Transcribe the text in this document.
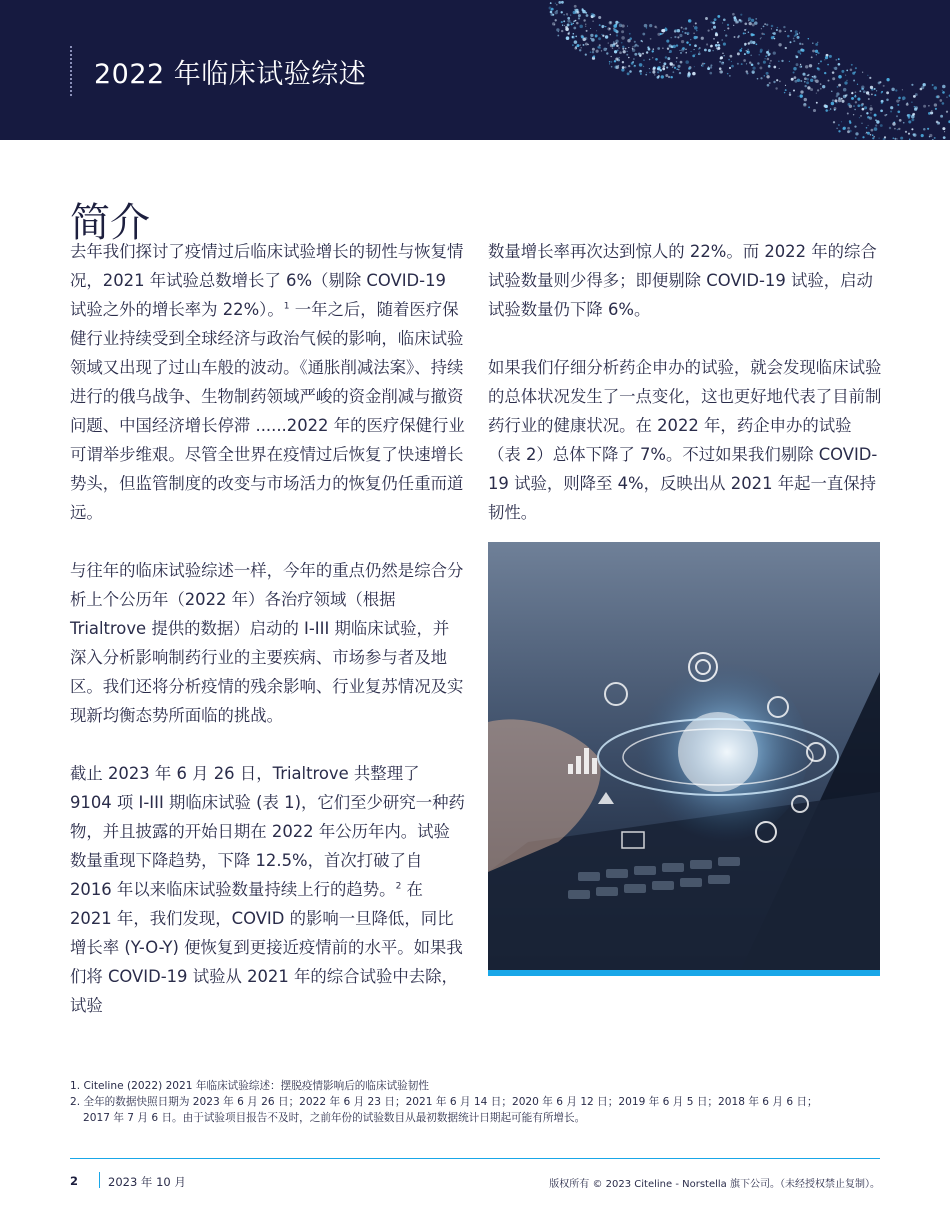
2022 年临床试验综述
简介

去年我们探讨了疫情过后临床试验增长的韧性与恢复情况，2021 年试验总数增长了 6%（剔除 COVID-19 试验之外的增长率为 22%）。$^1$ 一年之后，随着医疗保健行业持续受到全球经济与政治气候的影响，临床试验领域又出现了过山车般的波动。《通胀削减法案》、持续进行的俄乌战争、生物制药领域严峻的资金削减与撤资问题、中国经济增长停滞 ......2022 年的医疗保健行业可谓举步维艰。尽管全世界在疫情过后恢复了快速增长势头，但监管制度的改变与市场活力的恢复仍任重而道远。

与往年的临床试验综述一样，今年的重点仍然是综合分析上个公历年（2022 年）各治疗领域（根据 Trialtrove 提供的数据）启动的 I-III 期临床试验，并深入分析影响制药行业的主要疾病、市场参与者及地区。我们还将分析疫情的残余影响、行业复苏情况及实现新均衡态势所面临的挑战。

截止 2023 年 6 月 26 日，Trialtrove 共整理了 9104 项 I-III 期临床试验 (表 1)，它们至少研究一种药物，并且披露的开始日期在 2022 年公历年内。试验数量重现下降趋势，下降 12.5%，首次打破了自 2016 年以来临床试验数量持续上行的趋势。$^2$ 在 2021 年，我们发现，COVID 的影响一旦降低，同比增长率 (Y-O-Y) 便恢复到更接近疫情前的水平。如果我们将 COVID-19 试验从 2021 年的综合试验中去除，试验

数量增长率再次达到惊人的 22%。而 2022 年的综合试验数量则少得多；即便剔除 COVID-19 试验，启动试验数量仍下降 6%。

如果我们仔细分析药企申办的试验，就会发现临床试验的总体状况发生了一点变化，这也更好地代表了目前制药行业的健康状况。在 2022 年，药企申办的试验（表 2）总体下降了 7%。不过如果我们剔除 COVID-19 试验，则降至 4%，反映出从 2021 年起一直保持韧性。

1. Citeline (2022) 2021 年临床试验综述：摆脱疫情影响后的临床试验韧性

2. 全年的数据快照日期为 2023 年 6 月 26 日；2022 年 6 月 23 日；2021 年 6 月 14 日；2020 年 6 月 12 日；2019 年 6 月 5 日；2018 年 6 月 6 日；

2017 年 7 月 6 日。由于试验项目报告不及时，之前年份的试验数目从最初数据统计日期起可能有所增长。

2	2023 年 10 月	版权所有 © 2023 Citeline - Norstella 旗下公司。（未经授权禁止复制）。
